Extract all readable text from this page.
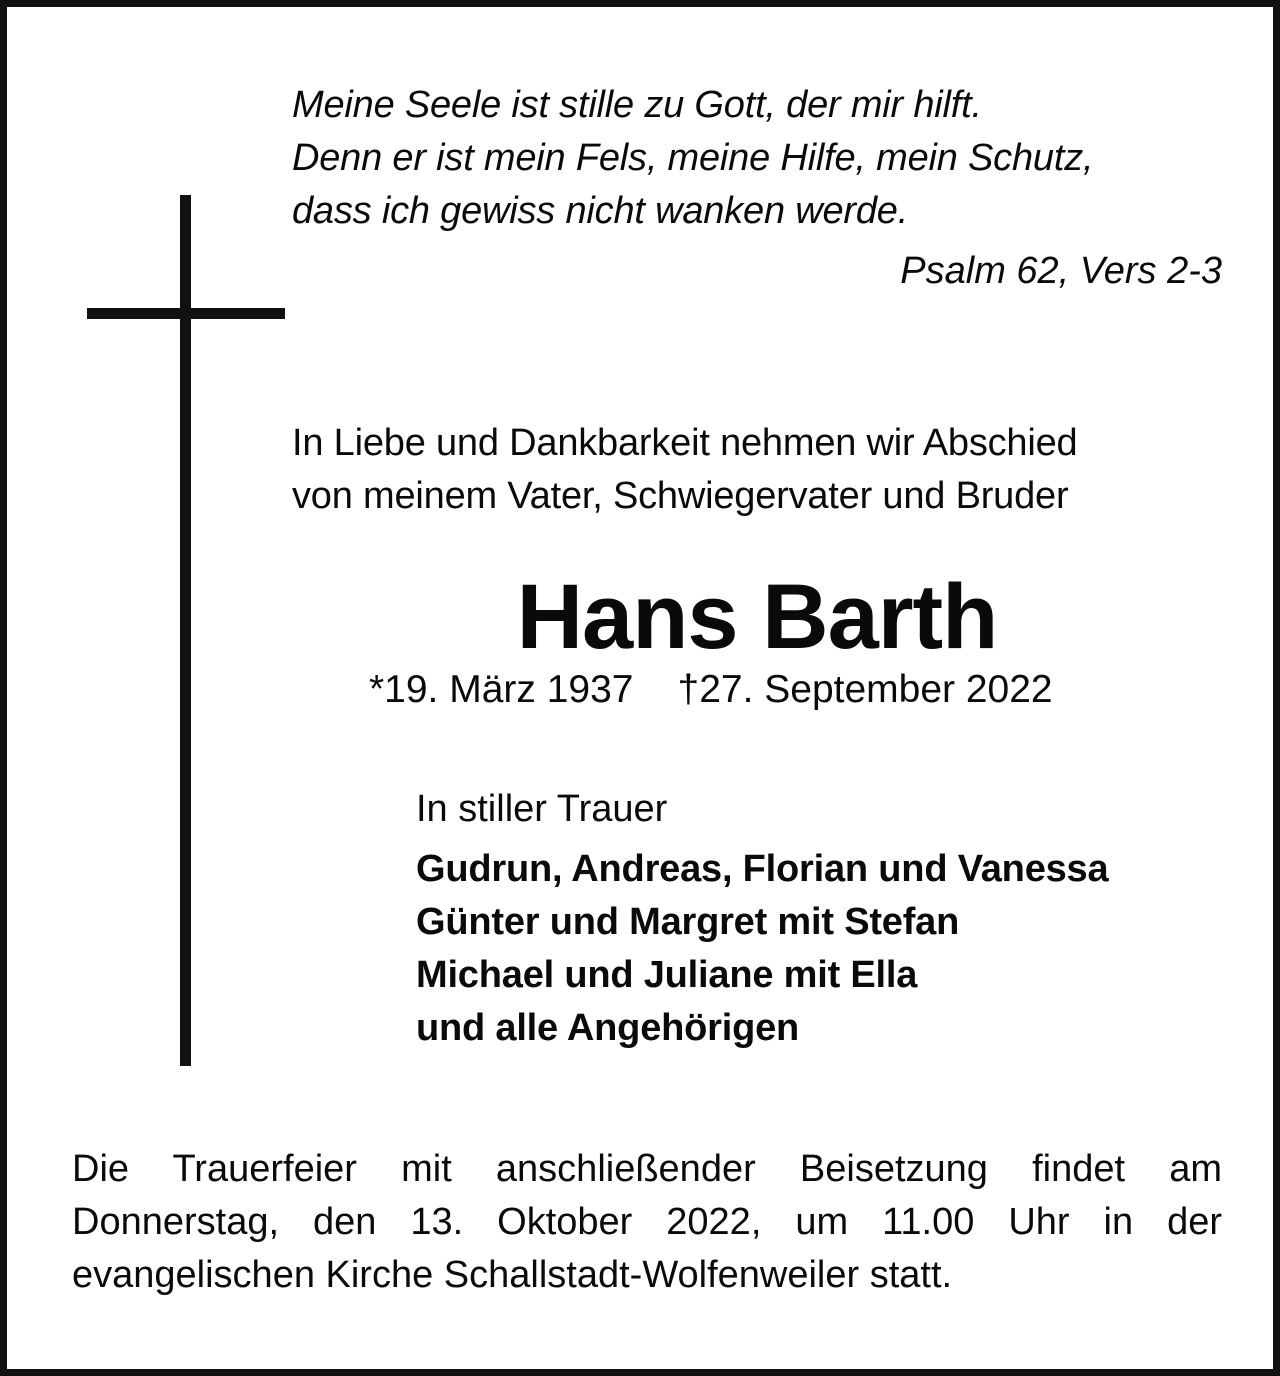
Meine Seele ist stille zu Gott, der mir hilft.
Denn er ist mein Fels, meine Hilfe, mein Schutz,
dass ich gewiss nicht wanken werde.
Psalm 62, Vers 2-3
In Liebe und Dankbarkeit nehmen wir Abschied
von meinem Vater, Schwiegervater und Bruder
Hans Barth
*19. März 1937 †27. September 2022
In stiller Trauer
Gudrun, Andreas, Florian und Vanessa
Günter und Margret mit Stefan
Michael und Juliane mit Ella
und alle Angehörigen
Die Trauerfeier mit anschließender Beisetzung findet am
Donnerstag, den 13. Oktober 2022, um 11.00 Uhr in der
evangelischen Kirche Schallstadt-Wolfenweiler statt.
